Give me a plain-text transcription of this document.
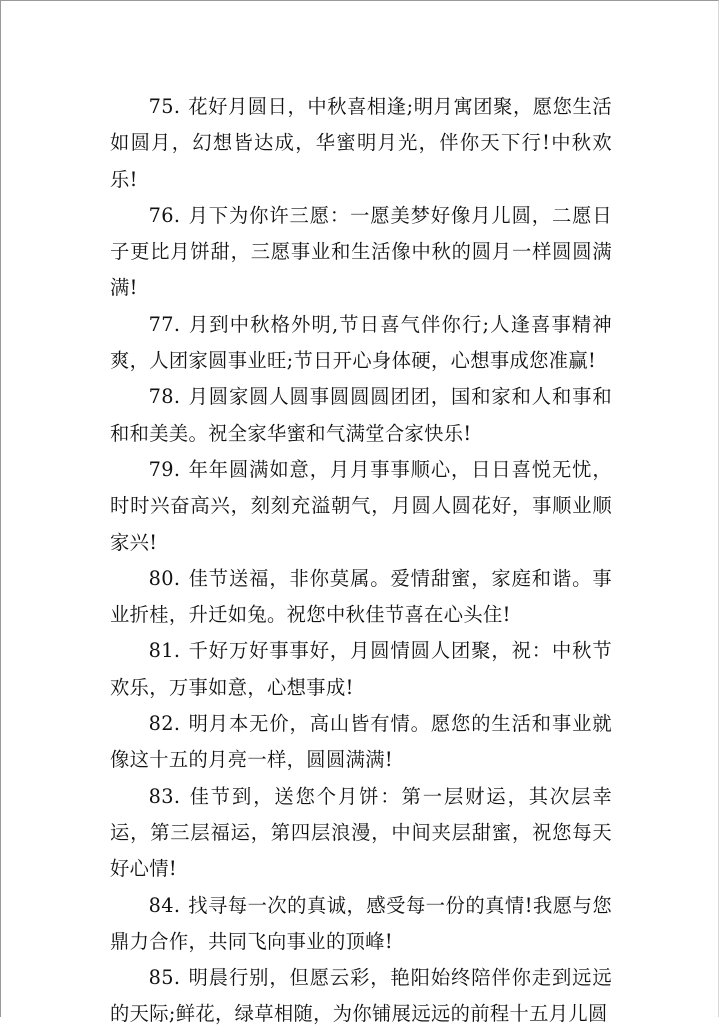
75. 花好月圆日，中秋喜相逢;明月寓团聚，愿您生活如圆月，幻想皆达成，华蜜明月光，伴你天下行!中秋欢乐!

76. 月下为你许三愿：一愿美梦好像月儿圆，二愿日子更比月饼甜，三愿事业和生活像中秋的圆月一样圆圆满满!

77. 月到中秋格外明,节日喜气伴你行;人逢喜事精神爽，人团家圆事业旺;节日开心身体硬，心想事成您准赢!

78. 月圆家圆人圆事圆圆圆团团，国和家和人和事和和和美美。祝全家华蜜和气满堂合家快乐!

79. 年年圆满如意，月月事事顺心，日日喜悦无忧，时时兴奋高兴，刻刻充溢朝气，月圆人圆花好，事顺业顺家兴!

80. 佳节送福，非你莫属。爱情甜蜜，家庭和谐。事业折桂，升迁如兔。祝您中秋佳节喜在心头住!

81. 千好万好事事好，月圆情圆人团聚，祝：中秋节欢乐，万事如意，心想事成!

82. 明月本无价，高山皆有情。愿您的生活和事业就像这十五的月亮一样，圆圆满满!

83. 佳节到，送您个月饼：第一层财运，其次层幸运，第三层福运，第四层浪漫，中间夹层甜蜜，祝您每天好心情!

84. 找寻每一次的真诚，感受每一份的真情!我愿与您鼎力合作，共同飞向事业的顶峰!

85. 明晨行别，但愿云彩，艳阳始终陪伴你走到远远的天际;鲜花，绿草相随，为你铺展远远的前程十五月儿圆
